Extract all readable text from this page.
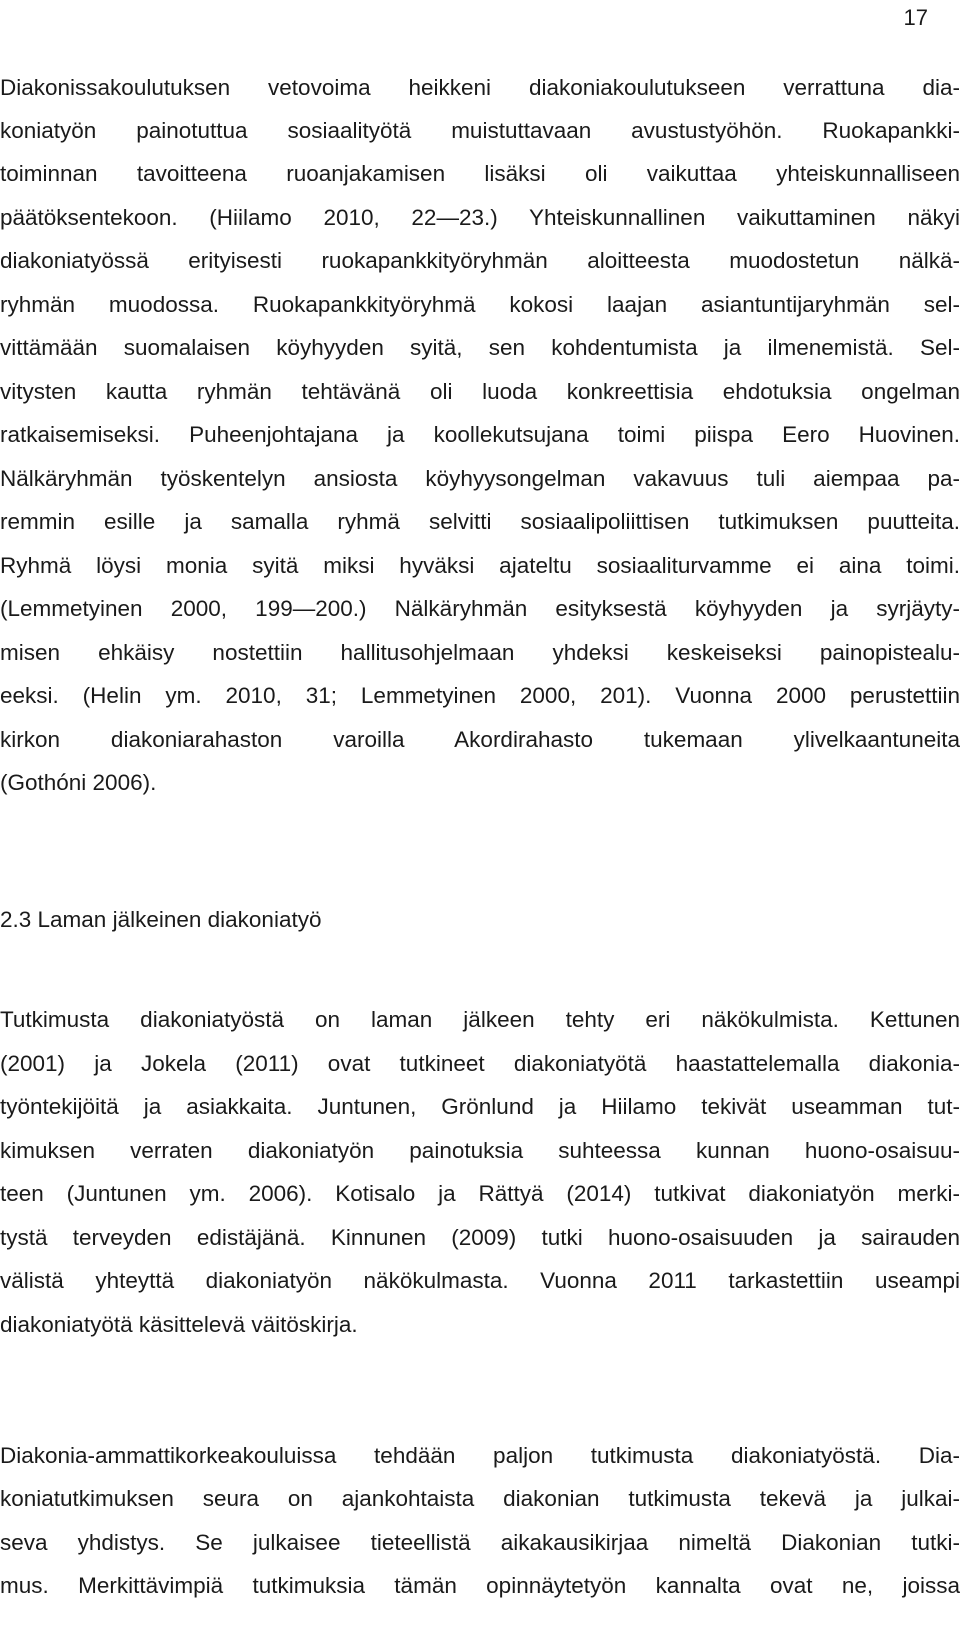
17
Diakonissakoulutuksen vetovoima heikkeni diakoniakoulutukseen verrattuna dia-
koniatyön painotuttua sosiaalityötä muistuttavaan avustustyöhön. Ruokapankki-
toiminnan tavoitteena ruoanjakamisen lisäksi oli vaikuttaa yhteiskunnalliseen
päätöksentekoon. (Hiilamo 2010, 22—23.) Yhteiskunnallinen vaikuttaminen näkyi
diakoniatyössä erityisesti ruokapankkityöryhmän aloitteesta muodostetun nälkä-
ryhmän muodossa. Ruokapankkityöryhmä kokosi laajan asiantuntijaryhmän sel-
vittämään suomalaisen köyhyyden syitä, sen kohdentumista ja ilmenemistä. Sel-
vitysten kautta ryhmän tehtävänä oli luoda konkreettisia ehdotuksia ongelman
ratkaisemiseksi. Puheenjohtajana ja koollekutsujana toimi piispa Eero Huovinen.
Nälkäryhmän työskentelyn ansiosta köyhyysongelman vakavuus tuli aiempaa pa-
remmin esille ja samalla ryhmä selvitti sosiaalipoliittisen tutkimuksen puutteita.
Ryhmä löysi monia syitä miksi hyväksi ajateltu sosiaaliturvamme ei aina toimi.
(Lemmetyinen 2000, 199—200.) Nälkäryhmän esityksestä köyhyyden ja syrjäyty-
misen ehkäisy nostettiin hallitusohjelmaan yhdeksi keskeiseksi painopistealu-
eeksi. (Helin ym. 2010, 31; Lemmetyinen 2000, 201). Vuonna 2000 perustettiin
kirkon diakoniarahaston varoilla Akordirahasto tukemaan ylivelkaantuneita
(Gothóni 2006).
2.3 Laman jälkeinen diakoniatyö
Tutkimusta diakoniatyöstä on laman jälkeen tehty eri näkökulmista. Kettunen
(2001) ja Jokela (2011) ovat tutkineet diakoniatyötä haastattelemalla diakonia-
työntekijöitä ja asiakkaita. Juntunen, Grönlund ja Hiilamo tekivät useamman tut-
kimuksen verraten diakoniatyön painotuksia suhteessa kunnan huono-osaisuu-
teen (Juntunen ym. 2006). Kotisalo ja Rättyä (2014) tutkivat diakoniatyön merki-
tystä terveyden edistäjänä. Kinnunen (2009) tutki huono-osaisuuden ja sairauden
välistä yhteyttä diakoniatyön näkökulmasta. Vuonna 2011 tarkastettiin useampi
diakoniatyötä käsittelevä väitöskirja.
Diakonia-ammattikorkeakouluissa tehdään paljon tutkimusta diakoniatyöstä. Dia-
koniatutkimuksen seura on ajankohtaista diakonian tutkimusta tekevä ja julkai-
seva yhdistys. Se julkaisee tieteellistä aikakausikirjaa nimeltä Diakonian tutki-
mus. Merkittävimpiä tutkimuksia tämän opinnäytetyön kannalta ovat ne, joissa
